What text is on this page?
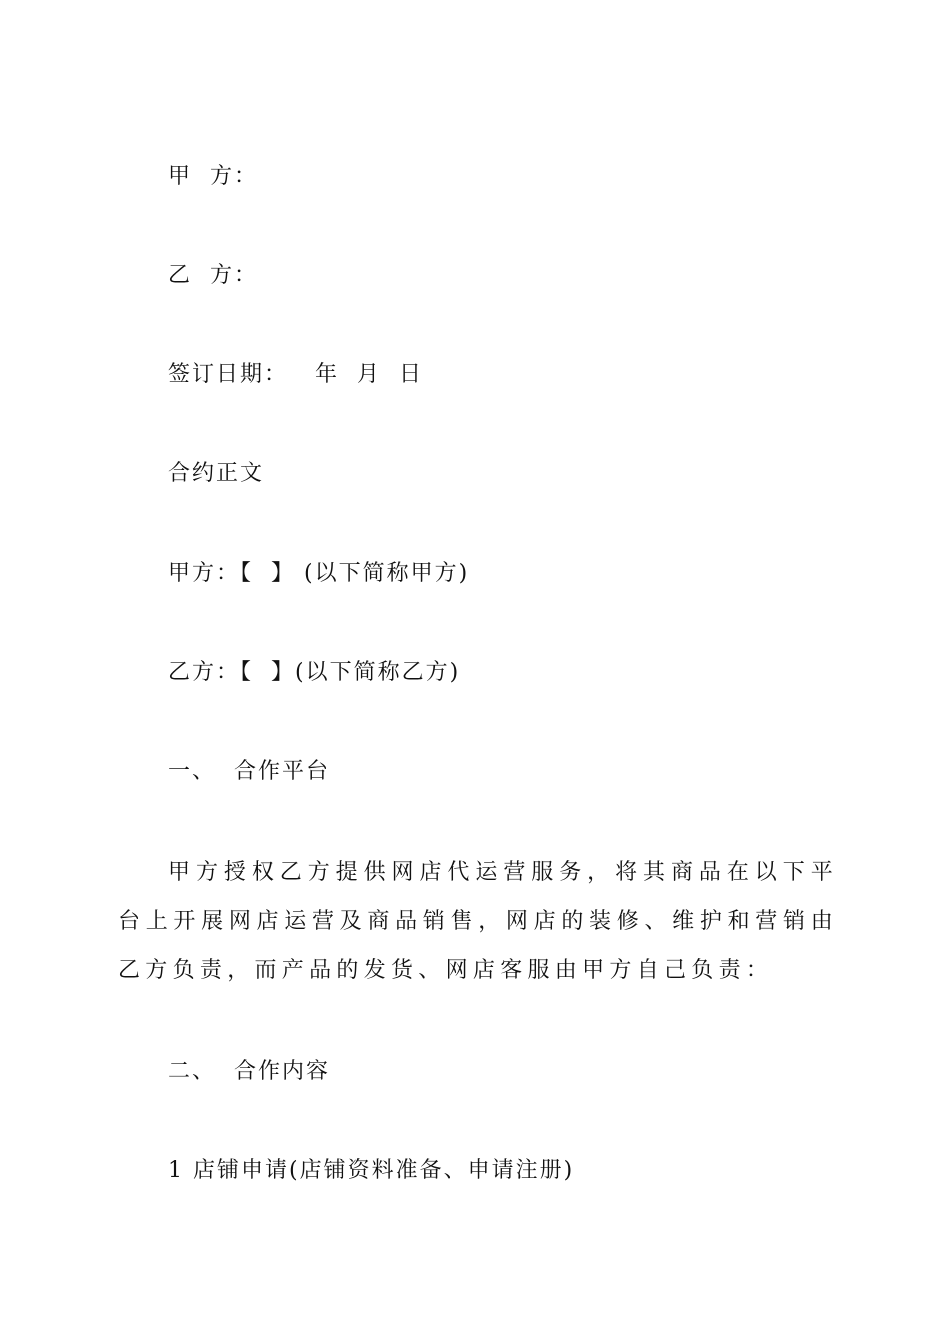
甲  方：
乙  方：
签订日期：   年  月  日
合约正文
甲方：【  】 (以下简称甲方)
乙方：【  】(以下简称乙方)
一、  合作平台
甲方授权乙方提供网店代运营服务，将其商品在以下平台上开展网店运营及商品销售，网店的装修、维护和营销由乙方负责，而产品的发货、网店客服由甲方自己负责：
二、  合作内容
1 店铺申请(店铺资料准备、申请注册)
